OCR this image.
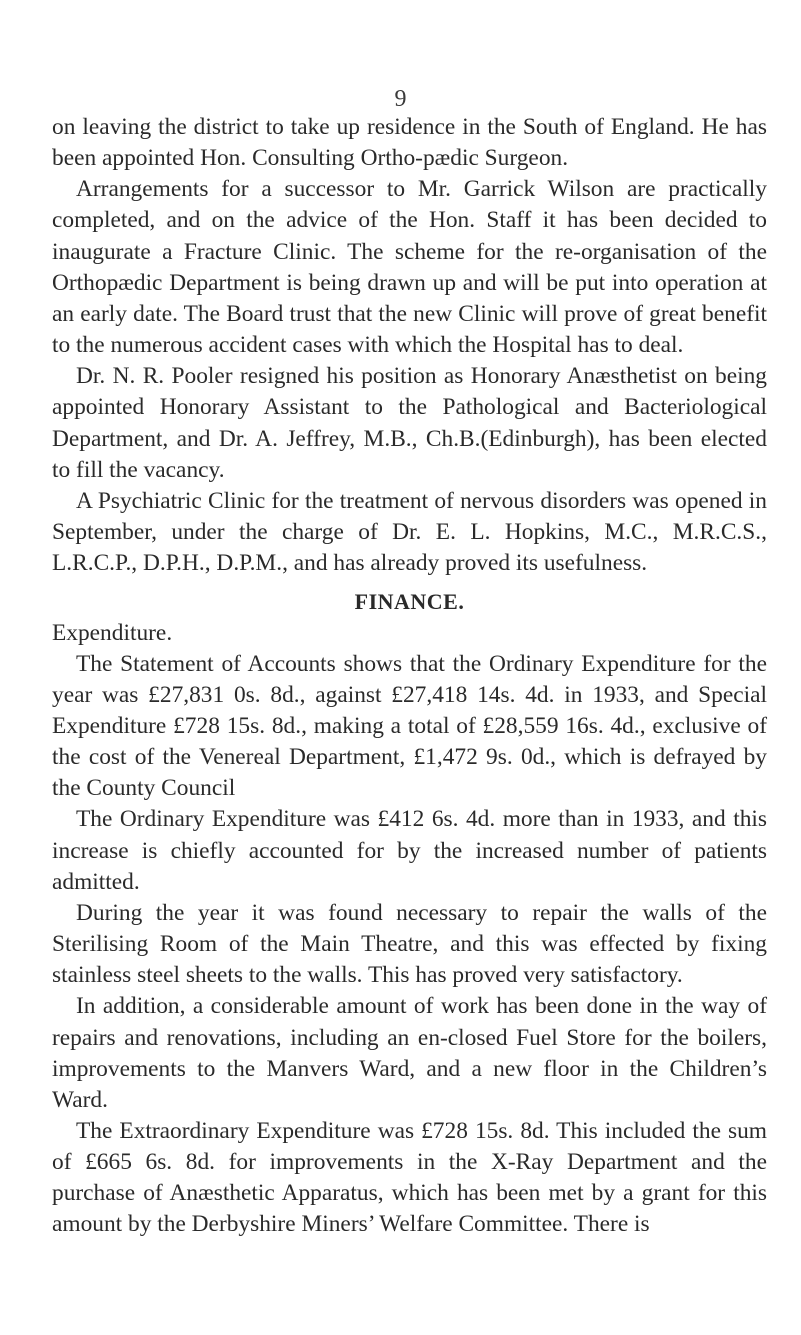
9

on leaving the district to take up residence in the South of England. He has been appointed Hon. Consulting Ortho-pædic Surgeon.

Arrangements for a successor to Mr. Garrick Wilson are practically completed, and on the advice of the Hon. Staff it has been decided to inaugurate a Fracture Clinic. The scheme for the re-organisation of the Orthopædic Department is being drawn up and will be put into operation at an early date. The Board trust that the new Clinic will prove of great benefit to the numerous accident cases with which the Hospital has to deal.

Dr. N. R. Pooler resigned his position as Honorary Anæsthetist on being appointed Honorary Assistant to the Pathological and Bacteriological Department, and Dr. A. Jeffrey, M.B., Ch.B.(Edinburgh), has been elected to fill the vacancy.

A Psychiatric Clinic for the treatment of nervous disorders was opened in September, under the charge of Dr. E. L. Hopkins, M.C., M.R.C.S., L.R.C.P., D.P.H., D.P.M., and has already proved its usefulness.

FINANCE.

Expenditure.

The Statement of Accounts shows that the Ordinary Expenditure for the year was £27,831 0s. 8d., against £27,418 14s. 4d. in 1933, and Special Expenditure £728 15s. 8d., making a total of £28,559 16s. 4d., exclusive of the cost of the Venereal Department, £1,472 9s. 0d., which is defrayed by the County Council

The Ordinary Expenditure was £412 6s. 4d. more than in 1933, and this increase is chiefly accounted for by the increased number of patients admitted.

During the year it was found necessary to repair the walls of the Sterilising Room of the Main Theatre, and this was effected by fixing stainless steel sheets to the walls. This has proved very satisfactory.

In addition, a considerable amount of work has been done in the way of repairs and renovations, including an en-closed Fuel Store for the boilers, improvements to the Manvers Ward, and a new floor in the Children’s Ward.

The Extraordinary Expenditure was £728 15s. 8d. This included the sum of £665 6s. 8d. for improvements in the X-Ray Department and the purchase of Anæsthetic Apparatus, which has been met by a grant for this amount by the Derbyshire Miners’ Welfare Committee. There is
